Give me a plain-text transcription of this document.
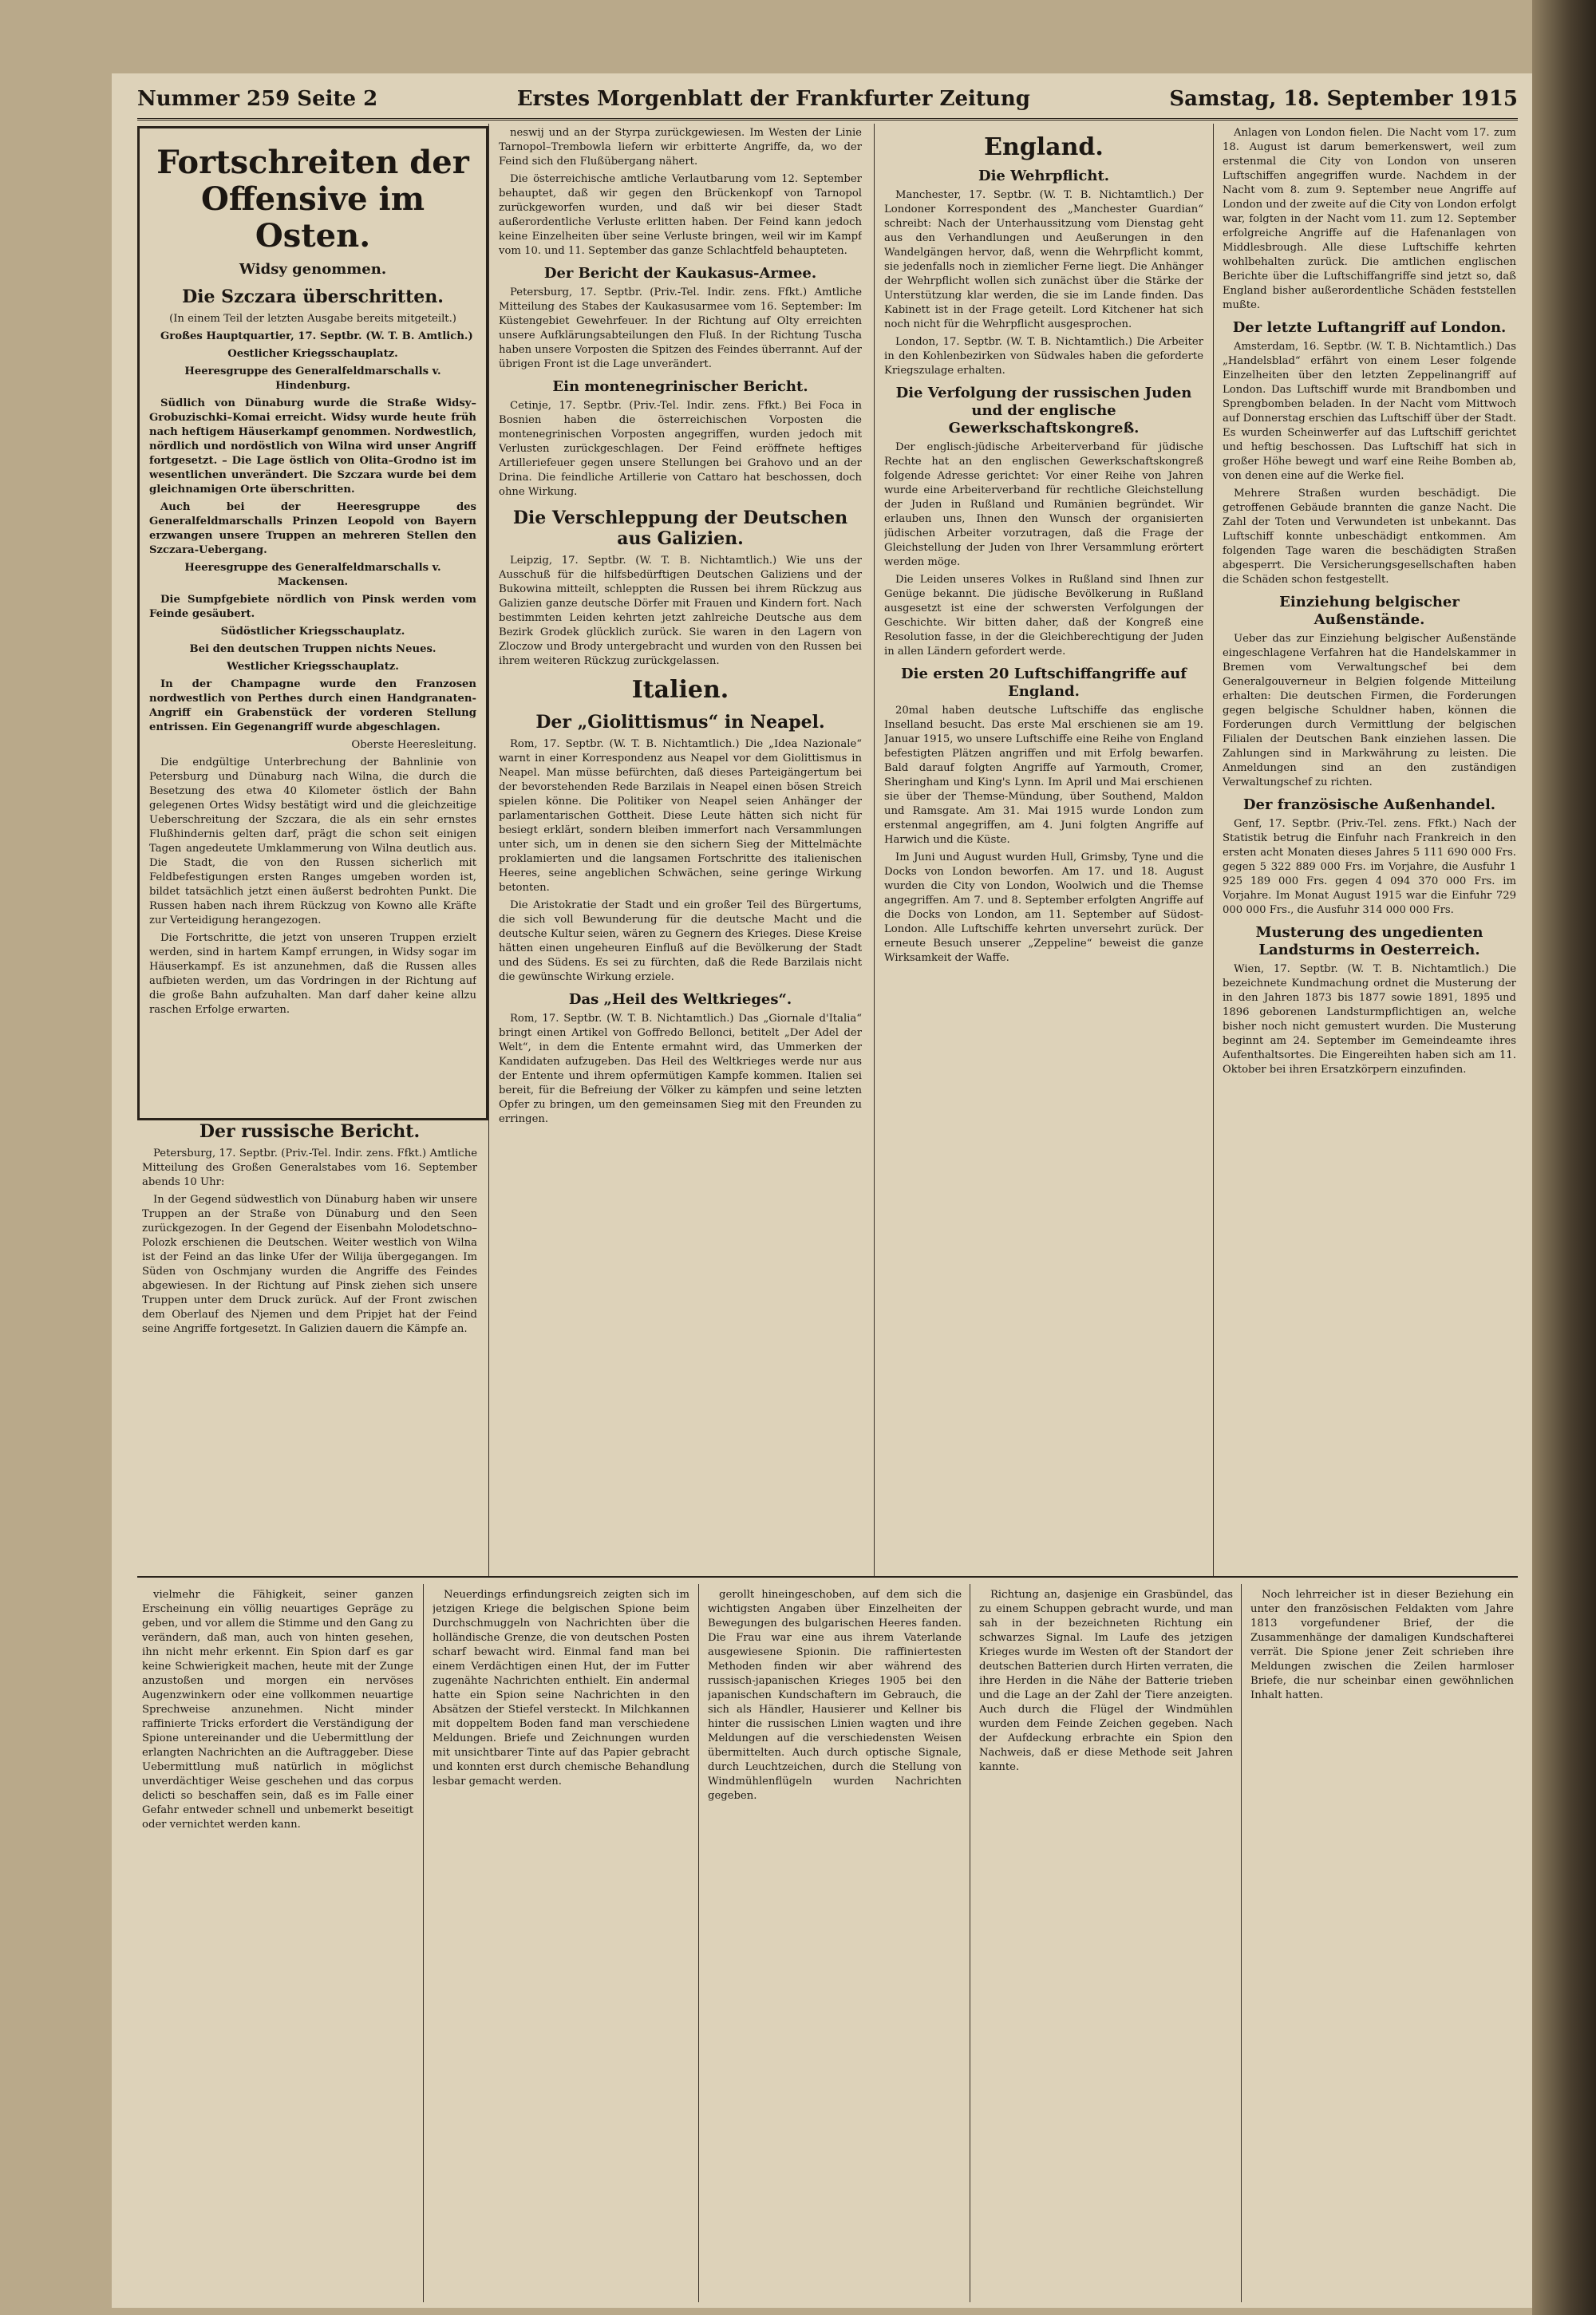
Nummer 259 Seite 2	Erstes Morgenblatt der Frankfurter Zeitung	Samstag, 18. September 1915
Fortschreiten der Offensive im Osten.
Widsy genommen.
Die Szczara überschritten.

(In einem Teil der letzten Ausgabe bereits mitgeteilt.)

Großes Hauptquartier, 17. Septbr. (W. T. B. Amtlich.)

Oestlicher Kriegsschauplatz.

Heeresgruppe des Generalfeldmarschalls v. Hindenburg.

Südlich von Dünaburg wurde die Straße Widsy–Grobuzischki–Komai erreicht. Widsy wurde heute früh nach heftigem Häuserkampf genommen. Nordwestlich, nördlich und nordöstlich von Wilna wird unser Angriff fortgesetzt. – Die Lage östlich von Olita–Grodno ist im wesentlichen unverändert. Die Szczara wurde bei dem gleichnamigen Orte überschritten.

Auch bei der Heeresgruppe des Generalfeldmarschalls Prinzen Leopold von Bayern erzwangen unsere Truppen an mehreren Stellen den Szczara-Uebergang.

Heeresgruppe des Generalfeldmarschalls v. Mackensen.

Die Sumpfgebiete nördlich von Pinsk werden vom Feinde gesäubert.

Südöstlicher Kriegsschauplatz.

Bei den deutschen Truppen nichts Neues.

Westlicher Kriegsschauplatz.

In der Champagne wurde den Franzosen nordwestlich von Perthes durch einen Handgranaten-Angriff ein Grabenstück der vorderen Stellung entrissen. Ein Gegenangriff wurde abgeschlagen.

Oberste Heeresleitung.

Die endgültige Unterbrechung der Bahnlinie von Petersburg und Dünaburg nach Wilna, die durch die Besetzung des etwa 40 Kilometer östlich der Bahn gelegenen Ortes Widsy bestätigt wird und die gleichzeitige Ueberschreitung der Szczara, die als ein sehr ernstes Flußhindernis gelten darf, prägt die schon seit einigen Tagen angedeutete Umklammerung von Wilna deutlich aus. Die Stadt, die von den Russen sicherlich mit Feldbefestigungen ersten Ranges umgeben worden ist, bildet tatsächlich jetzt einen äußerst bedrohten Punkt. Die Russen haben nach ihrem Rückzug von Kowno alle Kräfte zur Verteidigung herangezogen.

Die Fortschritte, die jetzt von unseren Truppen erzielt werden, sind in hartem Kampf errungen, in Widsy sogar im Häuserkampf. Es ist anzunehmen, daß die Russen alles aufbieten werden, um das Vordringen in der Richtung auf die große Bahn aufzuhalten. Man darf daher keine allzu raschen Erfolge erwarten.

Der russische Bericht.

Petersburg, 17. Septbr. (Priv.-Tel. Indir. zens. Ffkt.) Amtliche Mitteilung des Großen Generalstabes vom 16. September abends 10 Uhr:

In der Gegend südwestlich von Dünaburg haben wir unsere Truppen an der Straße von Dünaburg und den Seen zurückgezogen. In der Gegend der Eisenbahn Molodetschno–Polozk erschienen die Deutschen. Weiter westlich von Wilna ist der Feind an das linke Ufer der Wilija übergegangen. Im Süden von Oschmjany wurden die Angriffe des Feindes abgewiesen. In der Richtung auf Pinsk ziehen sich unsere Truppen unter dem Druck zurück. Auf der Front zwischen dem Oberlauf des Njemen und dem Pripjet hat der Feind seine Angriffe fortgesetzt. In Galizien dauern die Kämpfe an.

neswij und an der Styrpa zurückgewiesen. Im Westen der Linie Tarnopol–Trembowla liefern wir erbitterte Angriffe, da, wo der Feind sich den Flußübergang nähert.

Die österreichische amtliche Verlautbarung vom 12. September behauptet, daß wir gegen den Brückenkopf von Tarnopol zurückgeworfen wurden, und daß wir bei dieser Stadt außerordentliche Verluste erlitten haben. Der Feind kann jedoch keine Einzelheiten über seine Verluste bringen, weil wir im Kampf vom 10. und 11. September das ganze Schlachtfeld behaupteten.

Der Bericht der Kaukasus-Armee.

Petersburg, 17. Septbr. (Priv.-Tel. Indir. zens. Ffkt.) Amtliche Mitteilung des Stabes der Kaukasusarmee vom 16. September: Im Küstengebiet Gewehrfeuer. In der Richtung auf Olty erreichten unsere Aufklärungsabteilungen den Fluß. In der Richtung Tuscha haben unsere Vorposten die Spitzen des Feindes überrannt. Auf der übrigen Front ist die Lage unverändert.

Ein montenegrinischer Bericht.

Cetinje, 17. Septbr. (Priv.-Tel. Indir. zens. Ffkt.) Bei Foca in Bosnien haben die österreichischen Vorposten die montenegrinischen Vorposten angegriffen, wurden jedoch mit Verlusten zurückgeschlagen. Der Feind eröffnete heftiges Artilleriefeuer gegen unsere Stellungen bei Grahovo und an der Drina. Die feindliche Artillerie von Cattaro hat beschossen, doch ohne Wirkung.

Die Verschleppung der Deutschen aus Galizien.

Leipzig, 17. Septbr. (W. T. B. Nichtamtlich.) Wie uns der Ausschuß für die hilfsbedürftigen Deutschen Galiziens und der Bukowina mitteilt, schleppten die Russen bei ihrem Rückzug aus Galizien ganze deutsche Dörfer mit Frauen und Kindern fort. Nach bestimmten Leiden kehrten jetzt zahlreiche Deutsche aus dem Bezirk Grodek glücklich zurück. Sie waren in den Lagern von Zloczow und Brody untergebracht und wurden von den Russen bei ihrem weiteren Rückzug zurückgelassen.

Italien.
Der „Giolittismus“ in Neapel.

Rom, 17. Septbr. (W. T. B. Nichtamtlich.) Die „Idea Nazionale“ warnt in einer Korrespondenz aus Neapel vor dem Giolittismus in Neapel. Man müsse befürchten, daß dieses Parteigängertum bei der bevorstehenden Rede Barzilais in Neapel einen bösen Streich spielen könne. Die Politiker von Neapel seien Anhänger der parlamentarischen Gottheit. Diese Leute hätten sich nicht für besiegt erklärt, sondern bleiben immerfort nach Versammlungen unter sich, um in denen sie den sichern Sieg der Mittelmächte proklamierten und die langsamen Fortschritte des italienischen Heeres, seine angeblichen Schwächen, seine geringe Wirkung betonten.

Die Aristokratie der Stadt und ein großer Teil des Bürgertums, die sich voll Bewunderung für die deutsche Macht und die deutsche Kultur seien, wären zu Gegnern des Krieges. Diese Kreise hätten einen ungeheuren Einfluß auf die Bevölkerung der Stadt und des Südens. Es sei zu fürchten, daß die Rede Barzilais nicht die gewünschte Wirkung erziele.

Das „Heil des Weltkrieges“.

Rom, 17. Septbr. (W. T. B. Nichtamtlich.) Das „Giornale d'Italia“ bringt einen Artikel von Goffredo Bellonci, betitelt „Der Adel der Welt“, in dem die Entente ermahnt wird, das Ummerken der Kandidaten aufzugeben. Das Heil des Weltkrieges werde nur aus der Entente und ihrem opfermütigen Kampfe kommen. Italien sei bereit, für die Befreiung der Völker zu kämpfen und seine letzten Opfer zu bringen, um den gemeinsamen Sieg mit den Freunden zu erringen.

England.
Die Wehrpflicht.

Manchester, 17. Septbr. (W. T. B. Nichtamtlich.) Der Londoner Korrespondent des „Manchester Guardian“ schreibt: Nach der Unterhaussitzung vom Dienstag geht aus den Verhandlungen und Aeußerungen in den Wandelgängen hervor, daß, wenn die Wehrpflicht kommt, sie jedenfalls noch in ziemlicher Ferne liegt. Die Anhänger der Wehrpflicht wollen sich zunächst über die Stärke der Unterstützung klar werden, die sie im Lande finden. Das Kabinett ist in der Frage geteilt. Lord Kitchener hat sich noch nicht für die Wehrpflicht ausgesprochen.

London, 17. Septbr. (W. T. B. Nichtamtlich.) Die Arbeiter in den Kohlenbezirken von Südwales haben die geforderte Kriegszulage erhalten.

Die Verfolgung der russischen Juden und der englische Gewerkschaftskongreß.

Der englisch-jüdische Arbeiterverband für jüdische Rechte hat an den englischen Gewerkschaftskongreß folgende Adresse gerichtet: Vor einer Reihe von Jahren wurde eine Arbeiterverband für rechtliche Gleichstellung der Juden in Rußland und Rumänien begründet. Wir erlauben uns, Ihnen den Wunsch der organisierten jüdischen Arbeiter vorzutragen, daß die Frage der Gleichstellung der Juden von Ihrer Versammlung erörtert werden möge.

Die Leiden unseres Volkes in Rußland sind Ihnen zur Genüge bekannt. Die jüdische Bevölkerung in Rußland ausgesetzt ist eine der schwersten Verfolgungen der Geschichte. Wir bitten daher, daß der Kongreß eine Resolution fasse, in der die Gleichberechtigung der Juden in allen Ländern gefordert werde.

Die ersten 20 Luftschiffangriffe auf England.

20mal haben deutsche Luftschiffe das englische Inselland besucht. Das erste Mal erschienen sie am 19. Januar 1915, wo unsere Luftschiffe eine Reihe von England befestigten Plätzen angriffen und mit Erfolg bewarfen. Bald darauf folgten Angriffe auf Yarmouth, Cromer, Sheringham und King's Lynn. Im April und Mai erschienen sie über der Themse-Mündung, über Southend, Maldon und Ramsgate. Am 31. Mai 1915 wurde London zum erstenmal angegriffen, am 4. Juni folgten Angriffe auf Harwich und die Küste.

Im Juni und August wurden Hull, Grimsby, Tyne und die Docks von London beworfen. Am 17. und 18. August wurden die City von London, Woolwich und die Themse angegriffen. Am 7. und 8. September erfolgten Angriffe auf die Docks von London, am 11. September auf Südost-London. Alle Luftschiffe kehrten unversehrt zurück. Der erneute Besuch unserer „Zeppeline“ beweist die ganze Wirksamkeit der Waffe.

Anlagen von London fielen. Die Nacht vom 17. zum 18. August ist darum bemerkenswert, weil zum erstenmal die City von London von unseren Luftschiffen angegriffen wurde. Nachdem in der Nacht vom 8. zum 9. September neue Angriffe auf London und der zweite auf die City von London erfolgt war, folgten in der Nacht vom 11. zum 12. September erfolgreiche Angriffe auf die Hafenanlagen von Middlesbrough. Alle diese Luftschiffe kehrten wohlbehalten zurück. Die amtlichen englischen Berichte über die Luftschiffangriffe sind jetzt so, daß England bisher außerordentliche Schäden feststellen mußte.

Der letzte Luftangriff auf London.

Amsterdam, 16. Septbr. (W. T. B. Nichtamtlich.) Das „Handelsblad“ erfährt von einem Leser folgende Einzelheiten über den letzten Zeppelinangriff auf London. Das Luftschiff wurde mit Brandbomben und Sprengbomben beladen. In der Nacht vom Mittwoch auf Donnerstag erschien das Luftschiff über der Stadt. Es wurden Scheinwerfer auf das Luftschiff gerichtet und heftig beschossen. Das Luftschiff hat sich in großer Höhe bewegt und warf eine Reihe Bomben ab, von denen eine auf die Werke fiel.

Mehrere Straßen wurden beschädigt. Die getroffenen Gebäude brannten die ganze Nacht. Die Zahl der Toten und Verwundeten ist unbekannt. Das Luftschiff konnte unbeschädigt entkommen. Am folgenden Tage waren die beschädigten Straßen abgesperrt. Die Versicherungsgesellschaften haben die Schäden schon festgestellt.

Einziehung belgischer Außenstände.

Ueber das zur Einziehung belgischer Außenstände eingeschlagene Verfahren hat die Handelskammer in Bremen vom Verwaltungschef bei dem Generalgouverneur in Belgien folgende Mitteilung erhalten: Die deutschen Firmen, die Forderungen gegen belgische Schuldner haben, können die Forderungen durch Vermittlung der belgischen Filialen der Deutschen Bank einziehen lassen. Die Zahlungen sind in Markwährung zu leisten. Die Anmeldungen sind an den zuständigen Verwaltungschef zu richten.

Der französische Außenhandel.

Genf, 17. Septbr. (Priv.-Tel. zens. Ffkt.) Nach der Statistik betrug die Einfuhr nach Frankreich in den ersten acht Monaten dieses Jahres 5 111 690 000 Frs. gegen 5 322 889 000 Frs. im Vorjahre, die Ausfuhr 1 925 189 000 Frs. gegen 4 094 370 000 Frs. im Vorjahre. Im Monat August 1915 war die Einfuhr 729 000 000 Frs., die Ausfuhr 314 000 000 Frs.

Musterung des ungedienten Landsturms in Oesterreich.

Wien, 17. Septbr. (W. T. B. Nichtamtlich.) Die bezeichnete Kundmachung ordnet die Musterung der in den Jahren 1873 bis 1877 sowie 1891, 1895 und 1896 geborenen Landsturmpflichtigen an, welche bisher noch nicht gemustert wurden. Die Musterung beginnt am 24. September im Gemeindeamte ihres Aufenthaltsortes. Die Eingereihten haben sich am 11. Oktober bei ihren Ersatzkörpern einzufinden.

vielmehr die Fähigkeit, seiner ganzen Erscheinung ein völlig neuartiges Gepräge zu geben, und vor allem die Stimme und den Gang zu verändern, daß man, auch von hinten gesehen, ihn nicht mehr erkennt. Ein Spion darf es gar keine Schwierigkeit machen, heute mit der Zunge anzustoßen und morgen ein nervöses Augenzwinkern oder eine vollkommen neuartige Sprechweise anzunehmen. Nicht minder raffinierte Tricks erfordert die Verständigung der Spione untereinander und die Uebermittlung der erlangten Nachrichten an die Auftraggeber. Diese Uebermittlung muß natürlich in möglichst unverdächtiger Weise geschehen und das corpus delicti so beschaffen sein, daß es im Falle einer Gefahr entweder schnell und unbemerkt beseitigt oder vernichtet werden kann.

Neuerdings erfindungsreich zeigten sich im jetzigen Kriege die belgischen Spione beim Durchschmuggeln von Nachrichten über die holländische Grenze, die von deutschen Posten scharf bewacht wird. Einmal fand man bei einem Verdächtigen einen Hut, der im Futter zugenähte Nachrichten enthielt. Ein andermal hatte ein Spion seine Nachrichten in den Absätzen der Stiefel versteckt. In Milchkannen mit doppeltem Boden fand man verschiedene Meldungen. Briefe und Zeichnungen wurden mit unsichtbarer Tinte auf das Papier gebracht und konnten erst durch chemische Behandlung lesbar gemacht werden.

gerollt hineingeschoben, auf dem sich die wichtigsten Angaben über Einzelheiten der Bewegungen des bulgarischen Heeres fanden. Die Frau war eine aus ihrem Vaterlande ausgewiesene Spionin. Die raffiniertesten Methoden finden wir aber während des russisch-japanischen Krieges 1905 bei den japanischen Kundschaftern im Gebrauch, die sich als Händler, Hausierer und Kellner bis hinter die russischen Linien wagten und ihre Meldungen auf die verschiedensten Weisen übermittelten. Auch durch optische Signale, durch Leuchtzeichen, durch die Stellung von Windmühlenflügeln wurden Nachrichten gegeben.

Richtung an, dasjenige ein Grasbündel, das zu einem Schuppen gebracht wurde, und man sah in der bezeichneten Richtung ein schwarzes Signal. Im Laufe des jetzigen Krieges wurde im Westen oft der Standort der deutschen Batterien durch Hirten verraten, die ihre Herden in die Nähe der Batterie trieben und die Lage an der Zahl der Tiere anzeigten. Auch durch die Flügel der Windmühlen wurden dem Feinde Zeichen gegeben. Nach der Aufdeckung erbrachte ein Spion den Nachweis, daß er diese Methode seit Jahren kannte.

Noch lehrreicher ist in dieser Beziehung ein unter den französischen Feldakten vom Jahre 1813 vorgefundener Brief, der die Zusammenhänge der damaligen Kundschafterei verrät. Die Spione jener Zeit schrieben ihre Meldungen zwischen die Zeilen harmloser Briefe, die nur scheinbar einen gewöhnlichen Inhalt hatten.
